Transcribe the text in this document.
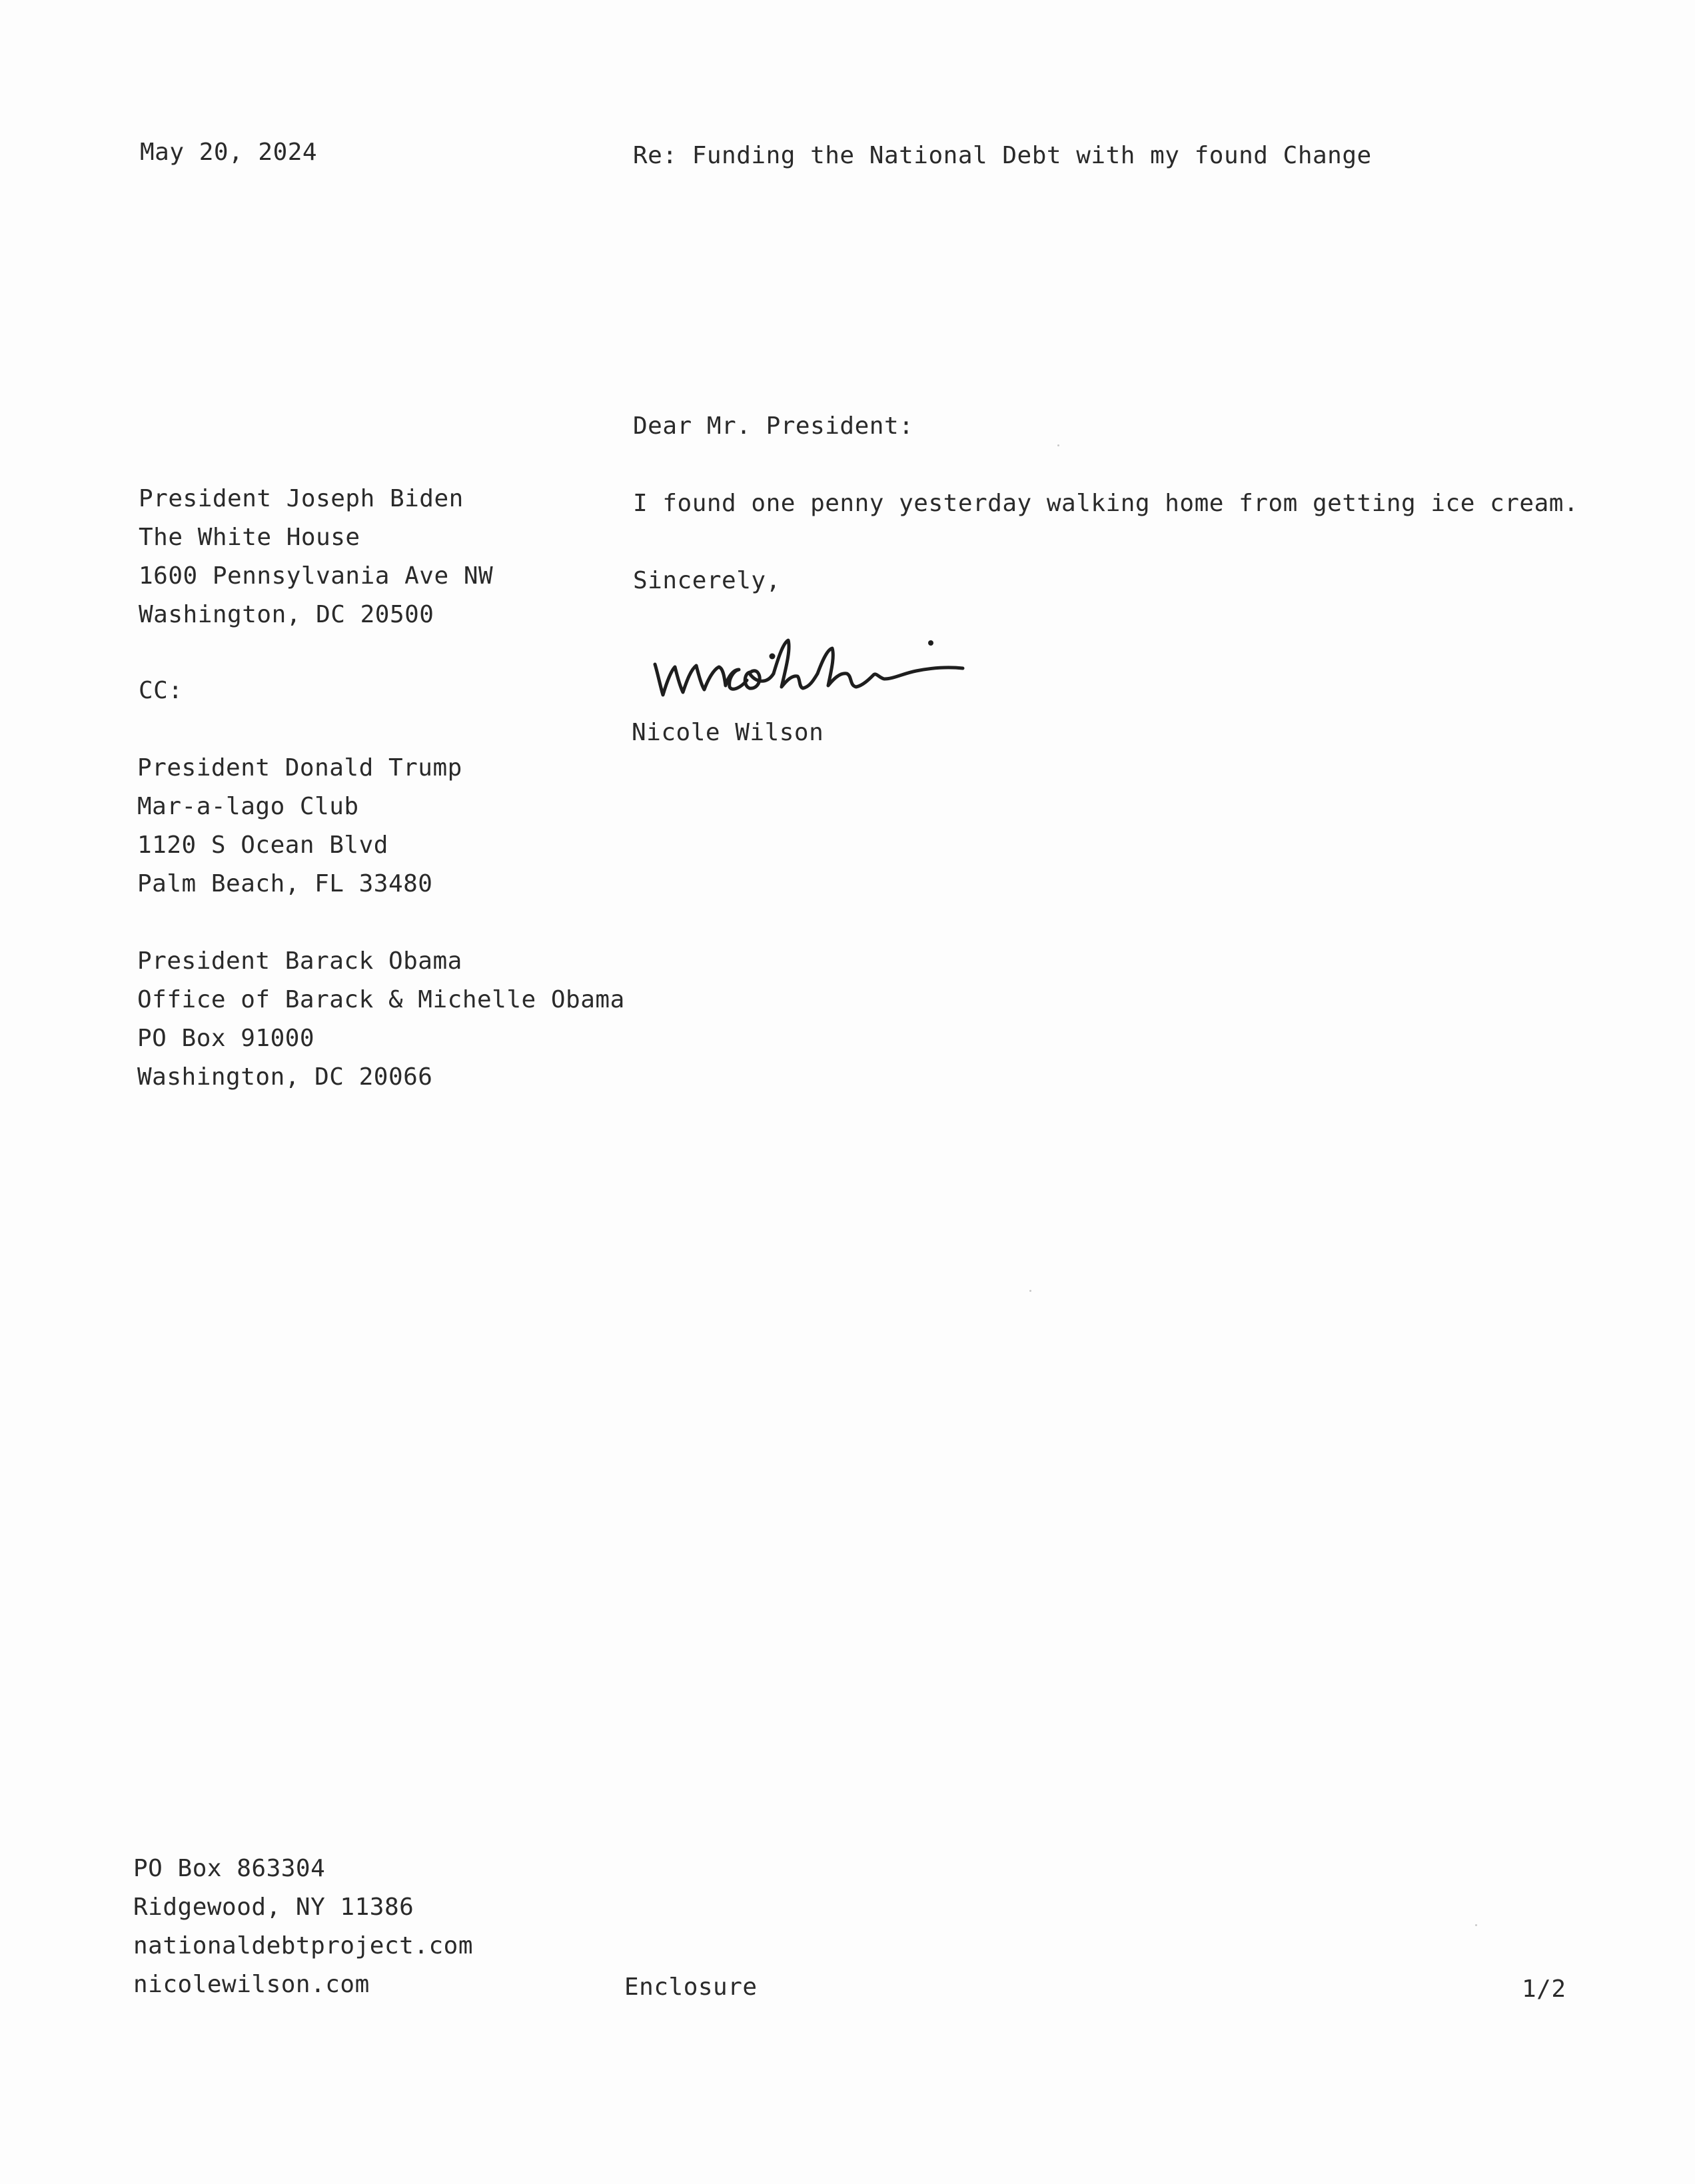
May 20, 2024	Re: Funding the National Debt with my found Change
Dear Mr. President:
President Joseph Biden
The White House
1600 Pennsylvania Ave NW
Washington, DC 20500
I found one penny yesterday walking home from getting ice cream.
Sincerely,
Nicole Wilson
CC:
President Donald Trump
Mar-a-lago Club
1120 S Ocean Blvd
Palm Beach, FL 33480
President Barack Obama
Office of Barack & Michelle Obama
PO Box 91000
Washington, DC 20066
PO Box 863304
Ridgewood, NY 11386
nationaldebtproject.com
nicolewilson.com	Enclosure	1/2
